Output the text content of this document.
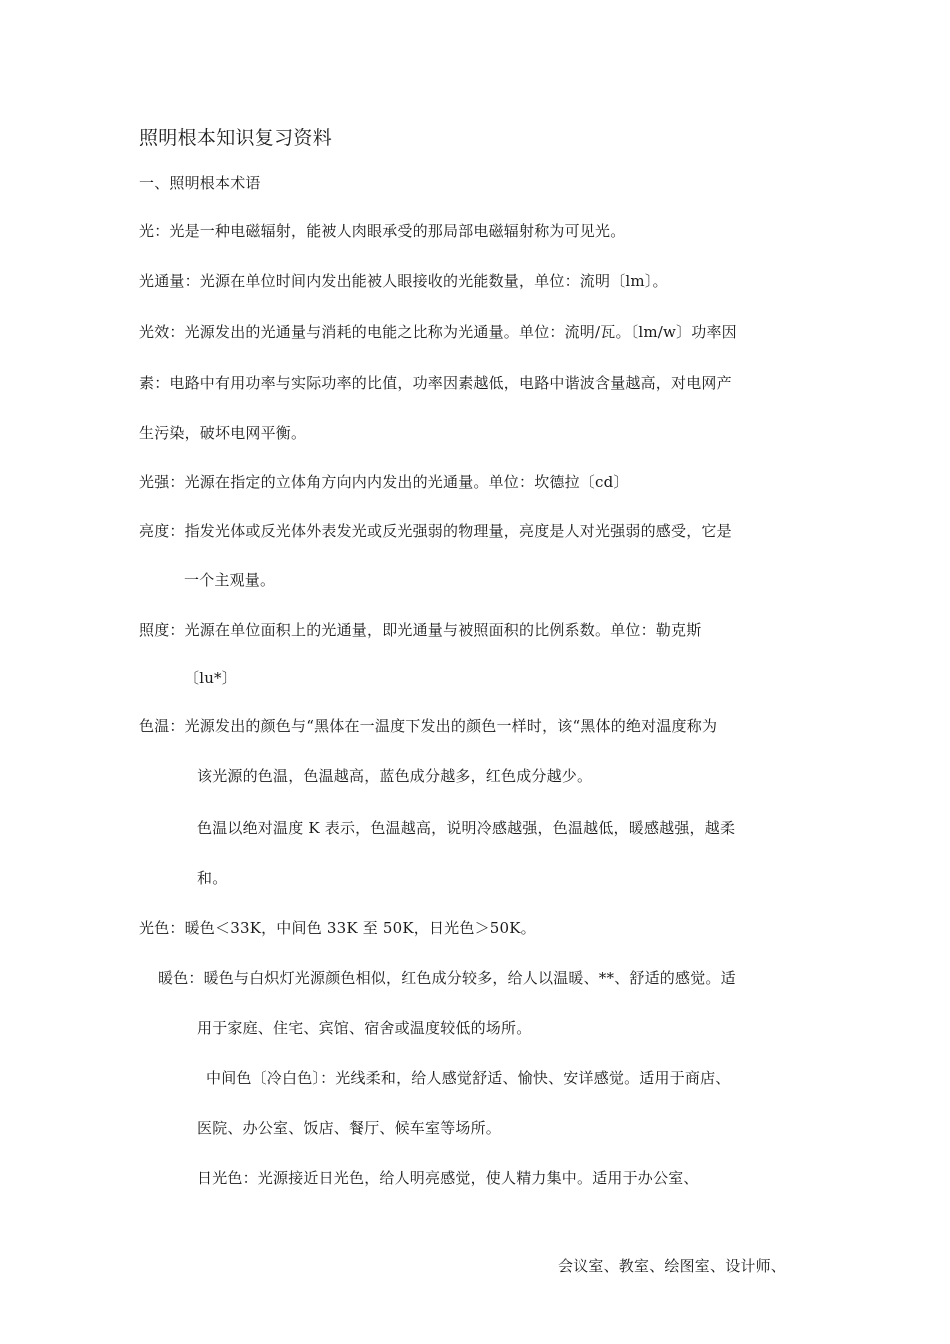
照明根本知识复习资料
一、照明根本术语
光：光是一种电磁辐射，能被人肉眼承受的那局部电磁辐射称为可见光。
光通量：光源在单位时间内发出能被人眼接收的光能数量，单位：流明〔lm〕。
光效：光源发出的光通量与消耗的电能之比称为光通量。单位：流明/瓦。〔lm/w〕功率因
素：电路中有用功率与实际功率的比值，功率因素越低，电路中谐波含量越高，对电网产
生污染，破坏电网平衡。
光强：光源在指定的立体角方向内内发出的光通量。单位：坎德拉〔cd〕
亮度：指发光体或反光体外表发光或反光强弱的物理量，亮度是人对光强弱的感受，它是
一个主观量。
照度：光源在单位面积上的光通量，即光通量与被照面积的比例系数。单位：勒克斯
〔lu*〕
色温：光源发出的颜色与“黑体在一温度下发出的颜色一样时，该“黑体的绝对温度称为
该光源的色温，色温越高，蓝色成分越多，红色成分越少。
色温以绝对温度 K 表示，色温越高，说明冷感越强，色温越低，暖感越强，越柔
和。
光色：暖色＜33K，中间色 33K 至 50K，日光色＞50K。
暖色：暖色与白炽灯光源颜色相似，红色成分较多，给人以温暖、**、舒适的感觉。适
用于家庭、住宅、宾馆、宿舍或温度较低的场所。
中间色〔冷白色〕：光线柔和，给人感觉舒适、愉快、安详感觉。适用于商店、
医院、办公室、饭店、餐厅、候车室等场所。
日光色：光源接近日光色，给人明亮感觉，使人精力集中。适用于办公室、
会议室、教室、绘图室、设计师、
